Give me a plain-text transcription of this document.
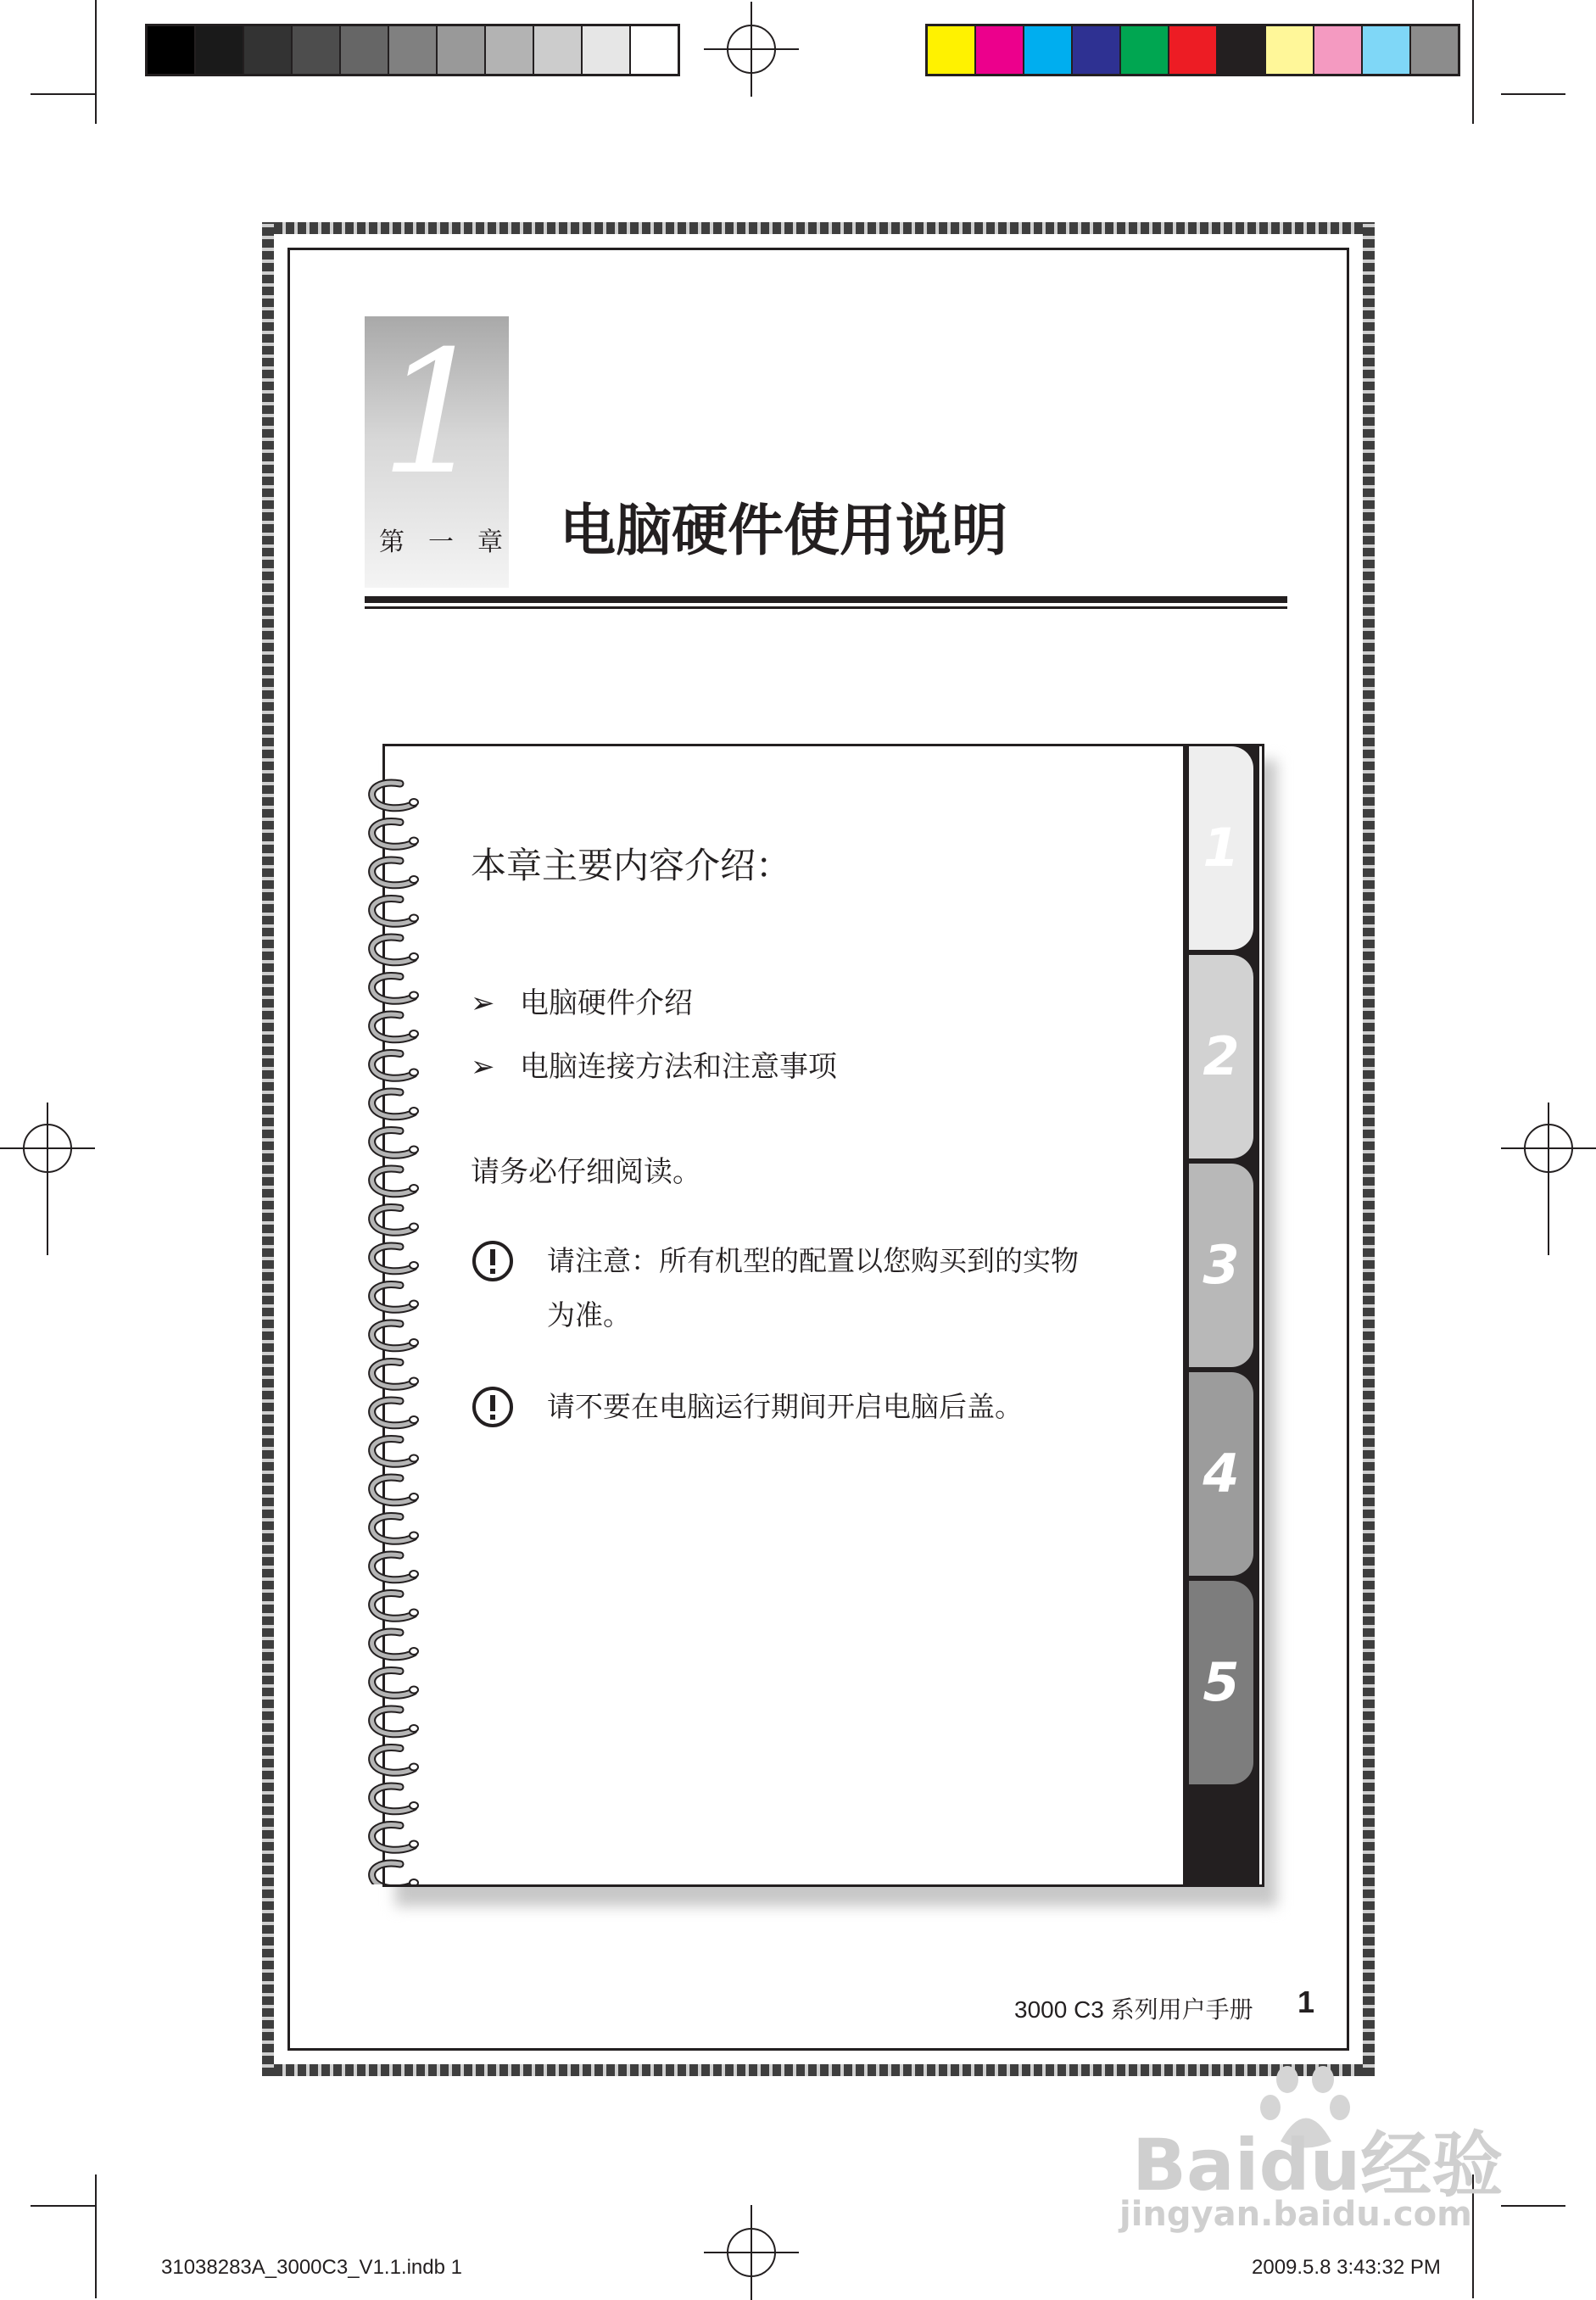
31038283A_3000C3_V1.1.indb 1	2009.5.8 3:43:32 PM
1
第一章 电脑硬件使用说明
1
2
3
4
5
本章主要内容介绍：
➢ 电脑硬件介绍
➢ 电脑连接方法和注意事项
请务必仔细阅读。
请注意：所有机型的配置以您购买到的实物
为准。
请不要在电脑运行期间开启电脑后盖。
3000 C3 系列用户手册 1
Baidu经验
jingyan.baidu.com
